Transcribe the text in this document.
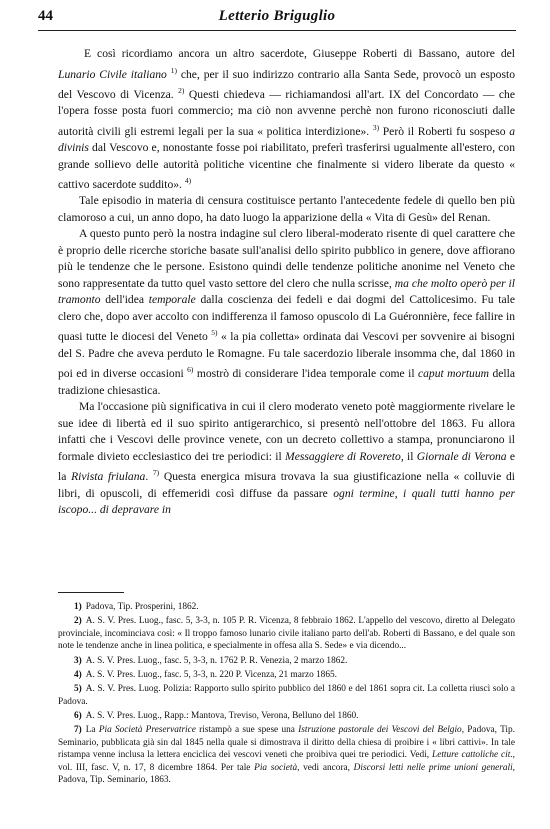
44	Letterio Briguglio

E così ricordiamo ancora un altro sacerdote, Giuseppe Roberti di Bassano, autore del Lunario Civile italiano $^{1)}$ che, per il suo indirizzo contrario alla Santa Sede, provocò un esposto del Vescovo di Vicenza. $^{2)}$ Questi chiedeva — richiamandosi all'art. IX del Concordato — che l'opera fosse posta fuori commercio; ma ciò non avvenne perchè non furono riconosciuti dalle autorità civili gli estremi legali per la sua « politica interdizione». $^{3)}$ Però il Roberti fu sospeso a divinis dal Vescovo e, nonostante fosse poi riabilitato, preferì trasferirsi ugualmente all'estero, con grande sollievo delle autorità politiche vicentine che finalmente si videro liberate da questo « cattivo sacerdote suddito». $^{4)}$

Tale episodio in materia di censura costituisce pertanto l'antecedente fedele di quello ben più clamoroso a cui, un anno dopo, ha dato luogo la apparizione della « Vita di Gesù» del Renan.

A questo punto però la nostra indagine sul clero liberal-moderato risente di quel carattere che è proprio delle ricerche storiche basate sull'analisi dello spirito pubblico in genere, dove affiorano più le tendenze che le persone. Esistono quindi delle tendenze politiche anonime nel Veneto che sono rappresentate da tutto quel vasto settore del clero che nulla scrisse, ma che molto operò per il tramonto dell'idea temporale dalla coscienza dei fedeli e dai dogmi del Cattolicesimo. Fu tale clero che, dopo aver accolto con indifferenza il famoso opuscolo di La Guéronnière, fece fallire in quasi tutte le diocesi del Veneto $^{5)}$ « la pia colletta» ordinata dai Vescovi per sovvenire ai bisogni del S. Padre che aveva perduto le Romagne. Fu tale sacerdozio liberale insomma che, dal 1860 in poi ed in diverse occasioni $^{6)}$ mostrò di considerare l'idea temporale come il caput mortuum della tradizione chiesastica.

Ma l'occasione più significativa in cui il clero moderato veneto potè maggiormente rivelare le sue idee di libertà ed il suo spirito antigerarchico, si presentò nell'ottobre del 1863. Fu allora infatti che i Vescovi delle province venete, con un decreto collettivo a stampa, pronunciarono il formale divieto ecclesiastico dei tre periodici: il Messaggiere di Rovereto, il Giornale di Verona e la Rivista friulana. $^{7)}$ Questa energica misura trovava la sua giustificazione nella « colluvie di libri, di opuscoli, di effemeridi così diffuse da passare ogni termine, i quali tutti hanno per iscopo... di depravare in

1) Padova, Tip. Prosperini, 1862.

2) A. S. V. Pres. Luog., fasc. 5, 3-3, n. 105 P. R. Vicenza, 8 febbraio 1862. L'appello del vescovo, diretto al Delegato provinciale, incominciava così: « Il troppo famoso lunario civile italiano parto dell'ab. Roberti di Bassano, e del quale son note le tendenze anche in linea politica, e specialmente in offesa alla S. Sede» e via dicendo...

3) A. S. V. Pres. Luog., fasc. 5, 3-3, n. 1762 P. R. Venezia, 2 marzo 1862.

4) A. S. V. Pres. Luog., fasc. 5, 3-3, n. 220 P. Vicenza, 21 marzo 1865.

5) A. S. V. Pres. Luog. Polizia: Rapporto sullo spirito pubblico del 1860 e del 1861 sopra cit. La colletta riuscì solo a Padova.

6) A. S. V. Pres. Luog., Rapp.: Mantova, Treviso, Verona, Belluno del 1860.

7) La Pia Società Preservatrice ristampò a sue spese una Istruzione pastorale dei Vescovi del Belgio, Padova, Tip. Seminario, pubblicata già sin dal 1845 nella quale si dimostrava il diritto della chiesa di proibire i « libri cattivi». In tale ristampa venne inclusa la lettera enciclica dei vescovi veneti che proibiva quei tre periodici. Vedi, Letture cattoliche cit., vol. III, fasc. V, n. 17, 8 dicembre 1864. Per tale Pia società, vedi ancora, Discorsi letti nelle prime unioni generali, Padova, Tip. Seminario, 1863.
